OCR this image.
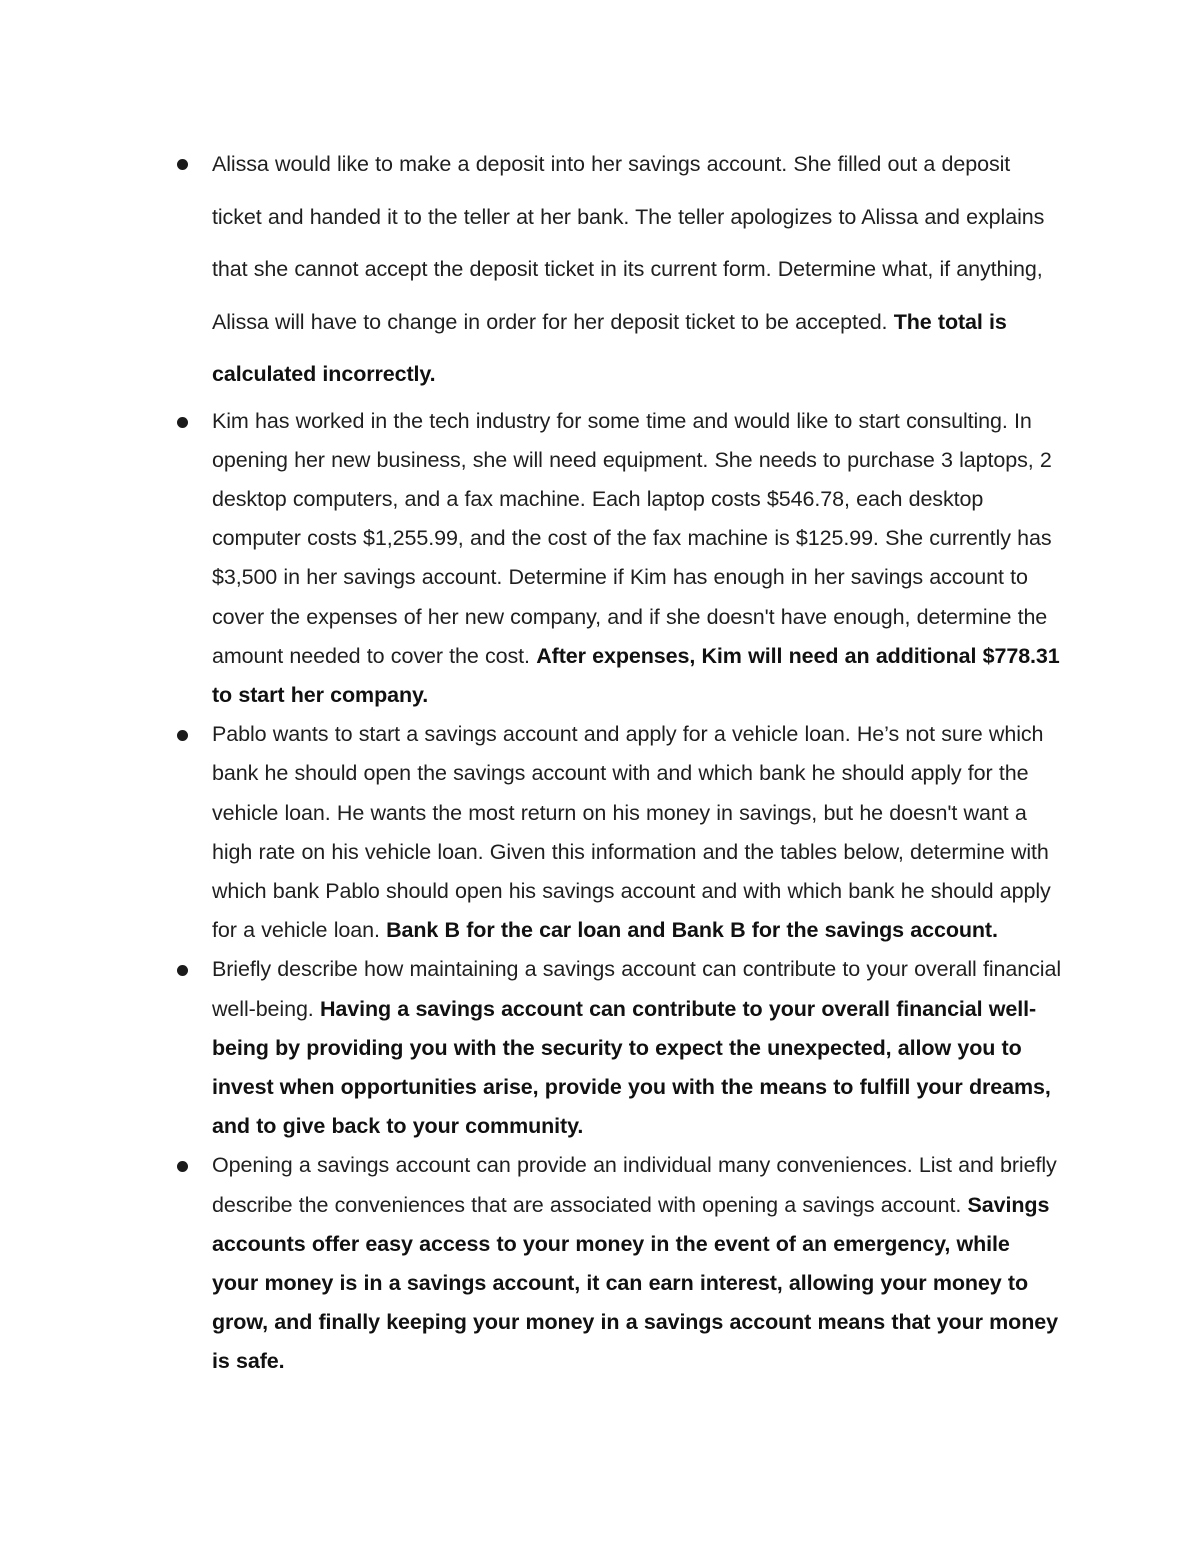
Alissa would like to make a deposit into her savings account. She filled out a deposit ticket and handed it to the teller at her bank. The teller apologizes to Alissa and explains that she cannot accept the deposit ticket in its current form. Determine what, if anything, Alissa will have to change in order for her deposit ticket to be accepted. The total is calculated incorrectly.
Kim has worked in the tech industry for some time and would like to start consulting. In opening her new business, she will need equipment. She needs to purchase 3 laptops, 2 desktop computers, and a fax machine. Each laptop costs $546.78, each desktop computer costs $1,255.99, and the cost of the fax machine is $125.99. She currently has $3,500 in her savings account. Determine if Kim has enough in her savings account to cover the expenses of her new company, and if she doesn't have enough, determine the amount needed to cover the cost. After expenses, Kim will need an additional $778.31 to start her company.
Pablo wants to start a savings account and apply for a vehicle loan. He’s not sure which bank he should open the savings account with and which bank he should apply for the vehicle loan. He wants the most return on his money in savings, but he doesn't want a high rate on his vehicle loan. Given this information and the tables below, determine with which bank Pablo should open his savings account and with which bank he should apply for a vehicle loan. Bank B for the car loan and Bank B for the savings account.
Briefly describe how maintaining a savings account can contribute to your overall financial well-being. Having a savings account can contribute to your overall financial well-being by providing you with the security to expect the unexpected, allow you to invest when opportunities arise, provide you with the means to fulfill your dreams, and to give back to your community.
Opening a savings account can provide an individual many conveniences. List and briefly describe the conveniences that are associated with opening a savings account. Savings accounts offer easy access to your money in the event of an emergency, while your money is in a savings account, it can earn interest, allowing your money to grow, and finally keeping your money in a savings account means that your money is safe.
